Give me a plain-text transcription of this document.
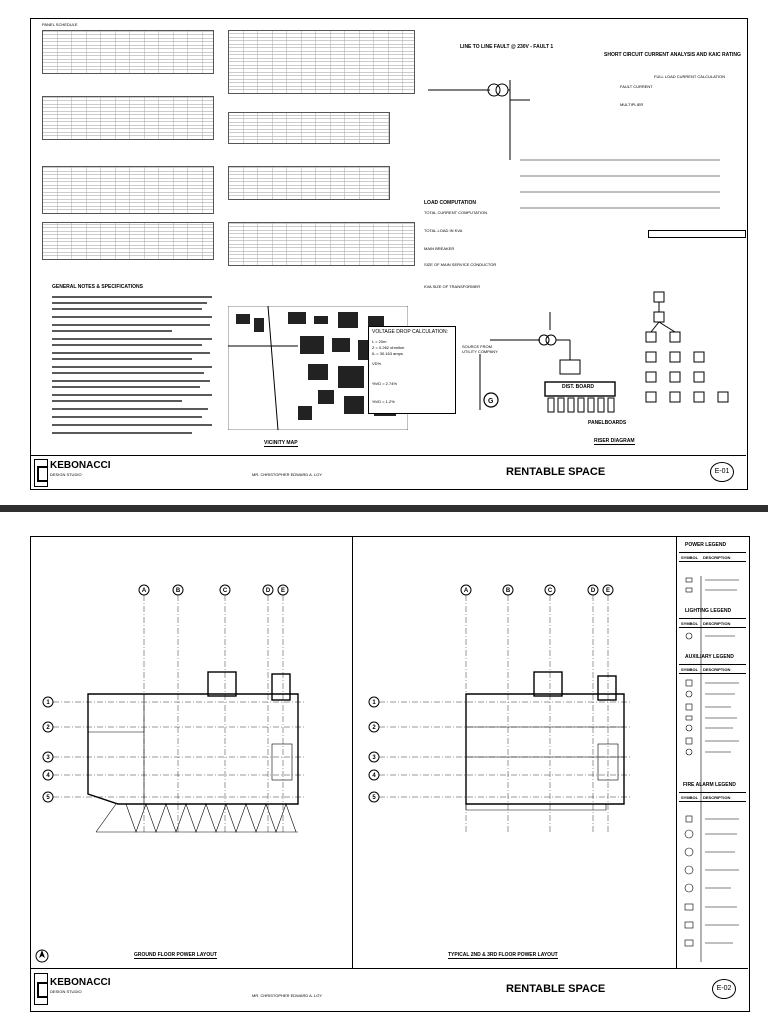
PANEL SCHEDULE
LINE TO LINE FAULT @ 230V - FAULT 1
SHORT CIRCUIT CURRENT ANALYSIS AND KAIC RATING
FULL LOAD CURRENT CALCULATION
FAULT CURRENT
MULTIPLIER
LOAD COMPUTATION
TOTAL CURRENT COMPUTATION
TOTAL LOAD IN KVA
MAIN BREAKER
SIZE OF MAIN SERVICE CONDUCTOR
KVA SIZE OF TRANSFORMER
GENERAL NOTES & SPECIFICATIONS
VICINITY MAP
VOLTAGE DROP CALCULATION:
L = 20m
Z = 0.262 ohm/km
IL = 30.163 amps
VD%
%VD = 2.74%
%VD = 1.2%	G
DIST. BOARD
SOURCE FROM UTILITY COMPANY
PANELBOARDS
RISER DIAGRAM
KEBONACCI
DESIGN STUDIO	MR. CHRISTOPHER EDWARD A. LOY	RENTABLE SPACE	E-01
A	B	C	D E
1
2
3
4
5
GROUND FLOOR POWER LAYOUT
A	B	C	D E
1
2
3
4
5
TYPICAL 2ND & 3RD FLOOR POWER LAYOUT
POWER LEGEND
SYMBOL DESCRIPTION
LIGHTING LEGEND
SYMBOL DESCRIPTION
AUXILIARY LEGEND
SYMBOL DESCRIPTION
FIRE ALARM LEGEND
SYMBOL DESCRIPTION
KEBONACCI
DESIGN STUDIO
MR. CHRISTOPHER EDWARD A. LOY
RENTABLE SPACE	E-02
